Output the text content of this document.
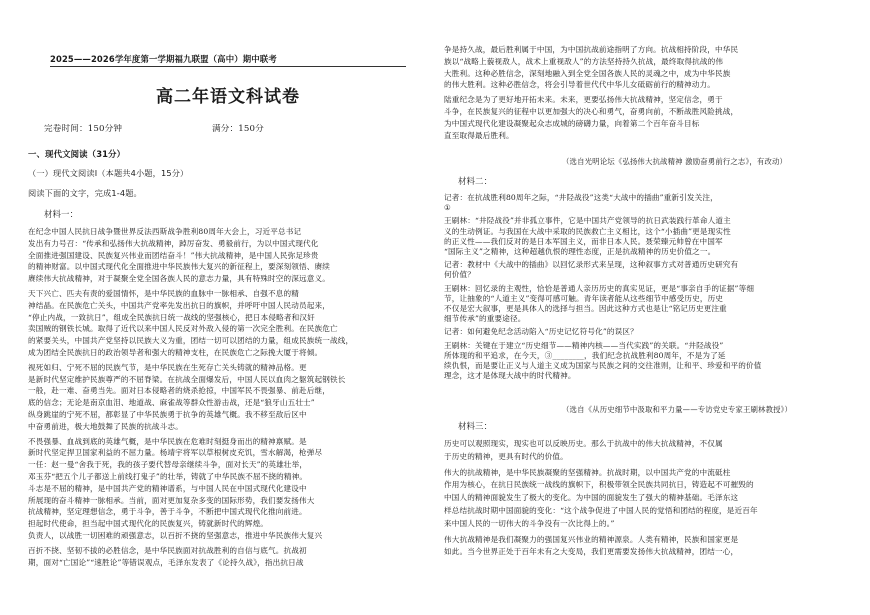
2025——2026学年度第一学期福九联盟（高中）期中联考
高二年语文科试卷
完卷时间：150分钟	满分：150分
一、现代文阅读（31分）
（一）现代文阅读Ⅰ（本题共4小题，15分）
阅读下面的文字，完成1-4题。
材料一：
在纪念中国人民抗日战争暨世界反法西斯战争胜利80周年大会上，习近平总书记
发出有力号召：“传承和弘扬伟大抗战精神，踔厉奋发、勇毅前行，为以中国式现代化
全面推进强国建设、民族复兴伟业而团结奋斗！”伟大抗战精神，是中国人民弥足珍贵
的精神财富。以中国式现代化全面推进中华民族伟大复兴的新征程上，要深刻领悟、赓续
赓续伟大抗战精神，对于凝聚全党全国各族人民的意志力量，具有特殊时空的深远意义。
天下兴亡、匹夫有责的爱国情怀，是中华民族的血脉中一脉相承、自强不息的精
神结晶。在民族危亡关头，中国共产党率先发出抗日的旗帜，并呼吁中国人民动员起来，
“停止内战，一致抗日”，组成全民族抗日统一战线的坚强核心，把日本侵略者和汉奸
卖国贼的钢铁长城。取得了近代以来中国人民反对外敌入侵的第一次完全胜利。在民族危亡
的紧要关头，中国共产党坚持以民族大义为重，团结一切可以团结的力量，组成民族统一战线，
成为团结全民族抗日的政治领导者和强大的精神支柱，在民族危亡之际挽大厦于将倾。
视死如归、宁死不屈的民族气节，是中华民族在生死存亡关头铸就的精神品格。更
是新时代坚定维护民族尊严的不屈脊梁。在抗战全面爆发后，中国人民以血肉之躯筑起钢铁长
一般，赴一难、奋勇当先。面对日本侵略者的烧杀抢掠，中国军民不畏强暴、前赴后继，
底的信念；无论是南京血泪、地道战、麻雀战等群众性游击战，还是“狼牙山五壮士”
纵身跳崖的宁死不屈，都彰显了中华民族勇于抗争的英雄气概。我不移至敌后区中
中奋勇前进，极大地鼓舞了民族的抗战斗志。
不畏强暴、血战到底的英雄气概，是中华民族在危难时刻挺身而出的精神禀赋。是
新时代坚定捍卫国家利益的不屈力量。杨靖宇将军以草根树皮充饥，雪水解渴，枪弹尽
一任：赵一曼“舍我于死，我的孩子要代替母亲继续斗争，面对长天”的英雄壮举，
邓玉芬“把五个儿子都送上前线打鬼子”的壮举，铸就了中华民族不屈不挠的精神。
斗志是不屈的精神，是中国共产党的精神谱系，与中国人民在中国式现代化建设中
所展现的奋斗精神一脉相承。当前，面对更加复杂多变的国际形势，我们要发扬伟大
抗战精神，坚定理想信念，勇于斗争，善于斗争，不断把中国式现代化推向前进。
担起时代使命，担当起中国式现代化的民族复兴，铸就新时代的辉煌。
负责人，以战胜一切困难的顽强意志，以百折不挠的坚强意志，推进中华民族伟大复兴
百折不挠、坚韧不拔的必胜信念，是中华民族面对抗战胜利的自信与底气。抗战初
期，面对“亡国论”“速胜论”等错误观点，毛泽东发表了《论持久战》，指出抗日战
争是持久战，最后胜利属于中国，为中国抗战前途指明了方向。抗战相持阶段，中华民
族以“战略上藐视敌人，战术上重视敌人”的方法坚持持久抗战，最终取得抗战的伟
大胜利。这种必胜信念，深刻地融入到全党全国各族人民的灵魂之中，成为中华民族
的伟大胜利。这种必胜信念，将会引导着世代代中华儿女砥砺前行的精神动力。
陆重纪念是为了更好地开拓未来。未来，更要弘扬伟大抗战精神，坚定信念，勇于
斗争，在民族复兴的征程中以更加强大的决心和勇气，奋勇向前，不断战胜风险挑战，
为中国式现代化建设凝聚起众志成城的磅礴力量，向着第二个百年奋斗目标
直至取得最后胜利。
（选自光明论坛《弘扬伟大抗战精神 激励奋勇前行之志》，有改动）
材料二：
记者：在抗战胜利80周年之际，“井陉战役”这类“大战中的插曲”重新引发关注，
①
王刷林：“井陉战役”并非孤立事件，它是中国共产党领导的抗日武装践行革命人道主
义的生动例证。与我国在大战中采取的民族救亡主义相比，这个“小插曲”更是现实性
的正义性——我们反对的是日本军国主义，而非日本人民。聂荣臻元帅曾在中国军
“国际主义”之精神，这种超越仇恨的理性态度，正是抗战精神的历史价值之一。
记者：教材中《大战中的插曲》以回忆录形式来呈现，这种叙事方式对普通历史研究有
何价值？
王刷林：回忆录的主观性，恰恰是普通人亲历历史的真实见证，更是“事亲自手的证据”等细
节，让抽象的“人道主义”变得可感可触。青年读者能从这些细节中感受历史，历史
不仅是宏大叙事，更是具体人的选择与担当。因此这种方式也是让“铭记历史更注重
细节传承”的重要途径。
记者：如何避免纪念活动陷入“历史记忆符号化”的误区？
王刷林：关键在于建立“历史细节——精神内核——当代实践”的关联。“井陉战役”
所体现的和平追求，在今天，③________，我们纪念抗战胜利80周年，不是为了延
续仇恨，而是要让正义与人道主义成为国家与民族之间的交往准则，让和平、珍爱和平的价值
理念，这才是体现大战中的时代精神。
（选自《从历史细节中汲取和平力量——专访党史专家王刷林教授》）
材料三：
历史可以观照现实，现实也可以反映历史。那么于抗战中的伟大抗战精神，不仅属
于历史的精神，更具有时代的价值。
伟大的抗战精神，是中华民族凝聚的坚强精神。抗战时期，以中国共产党的中流砥柱
作用为核心，在抗日民族统一战线的旗帜下，积极带领全民族共同抗日，铸造起不可摧毁的
中国人的精神面貌发生了极大的变化。为中国的面貌发生了强大的精神基础。毛泽东这
样总结抗战时期中国面貌的变化：“这个战争促进了中国人民的觉悟和团结的程度，是近百年
来中国人民的一切伟大的斗争没有一次比得上的。”
伟大抗战精神是我们凝聚力的强国复兴伟业的精神源泉。人类有精神，民族和国家更是
如此。当今世界正处于百年未有之大变局，我们更需要发扬伟大抗战精神，团结一心，
